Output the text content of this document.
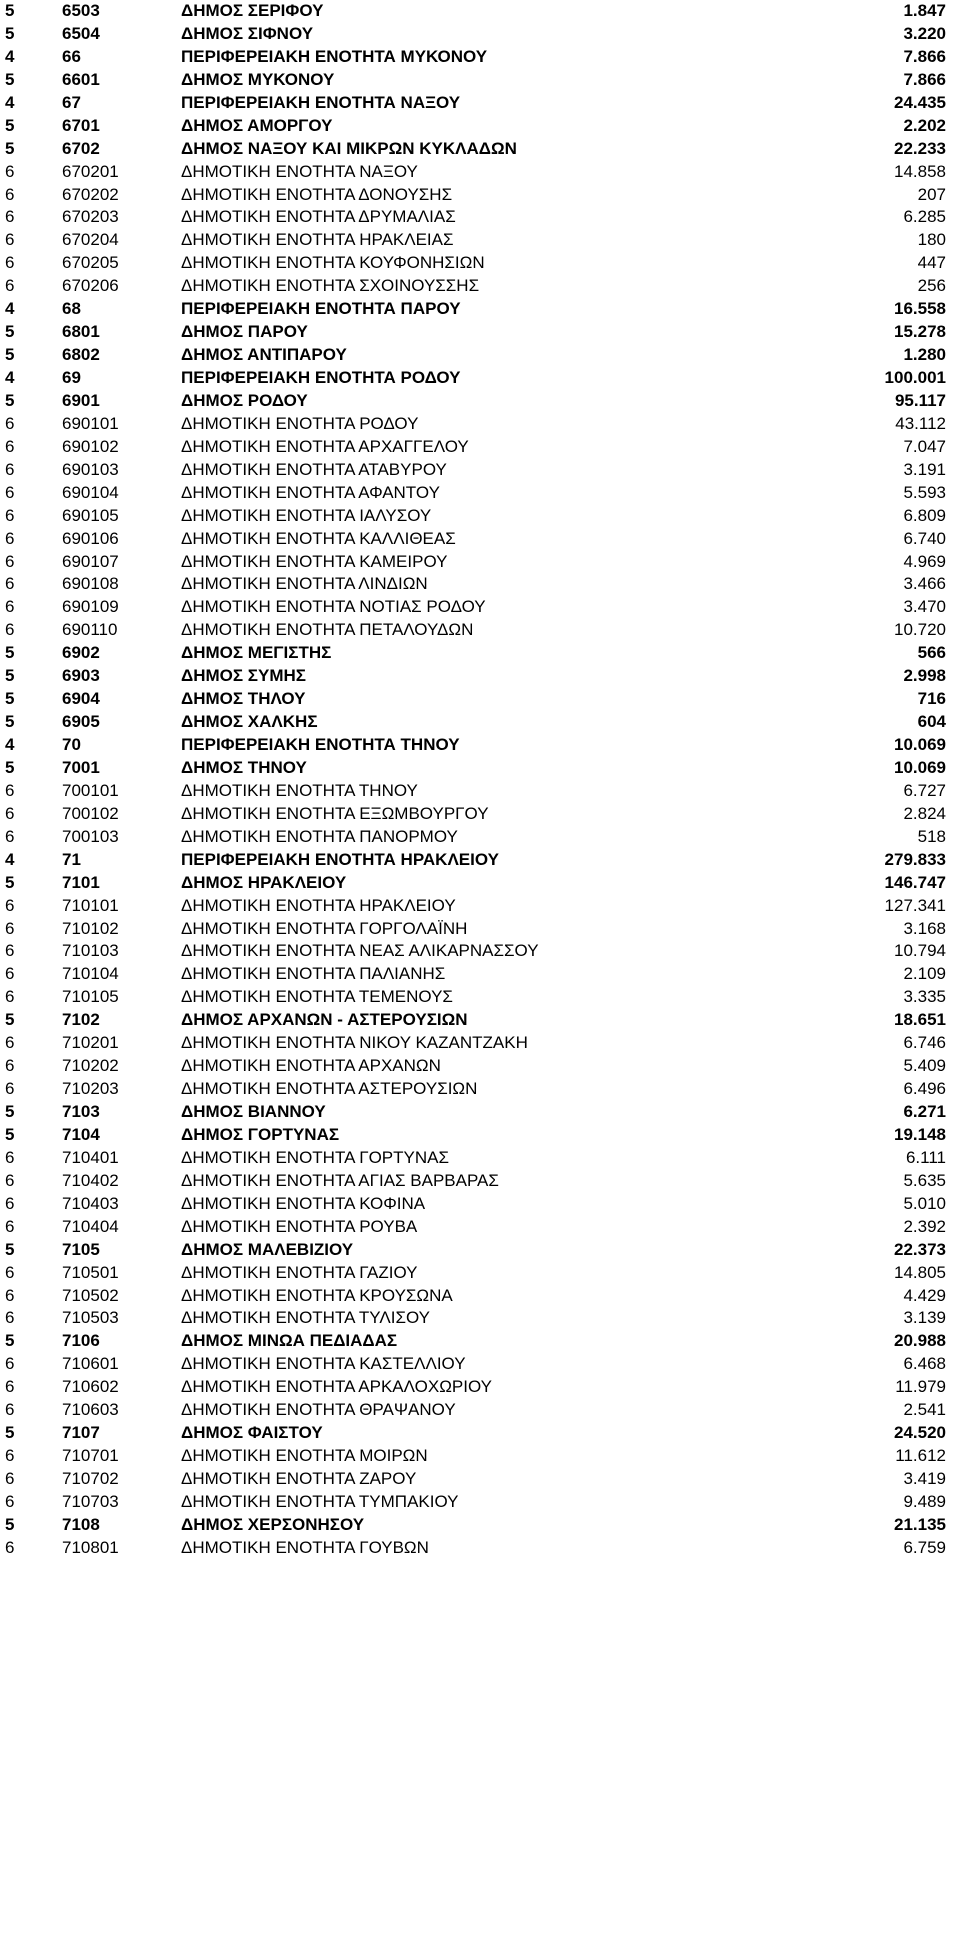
5	6503	ΔΗΜΟΣ ΣΕΡΙΦΟΥ	1.847
5	6504	ΔΗΜΟΣ ΣΙΦΝΟΥ	3.220
4	66	ΠΕΡΙΦΕΡΕΙΑΚΗ ΕΝΟΤΗΤΑ ΜΥΚΟΝΟΥ	7.866
5	6601	ΔΗΜΟΣ ΜΥΚΟΝΟΥ	7.866
4	67	ΠΕΡΙΦΕΡΕΙΑΚΗ ΕΝΟΤΗΤΑ ΝΑΞΟΥ	24.435
5	6701	ΔΗΜΟΣ ΑΜΟΡΓΟΥ	2.202
5	6702	ΔΗΜΟΣ ΝΑΞΟΥ ΚΑΙ ΜΙΚΡΩΝ ΚΥΚΛΑΔΩΝ	22.233
6	670201	ΔΗΜΟΤΙΚΗ ΕΝΟΤΗΤΑ ΝΑΞΟΥ	14.858
6	670202	ΔΗΜΟΤΙΚΗ ΕΝΟΤΗΤΑ ΔΟΝΟΥΣΗΣ	207
6	670203	ΔΗΜΟΤΙΚΗ ΕΝΟΤΗΤΑ ΔΡΥΜΑΛΙΑΣ	6.285
6	670204	ΔΗΜΟΤΙΚΗ ΕΝΟΤΗΤΑ ΗΡΑΚΛΕΙΑΣ	180
6	670205	ΔΗΜΟΤΙΚΗ ΕΝΟΤΗΤΑ ΚΟΥΦΟΝΗΣΙΩΝ	447
6	670206	ΔΗΜΟΤΙΚΗ ΕΝΟΤΗΤΑ ΣΧΟΙΝΟΥΣΣΗΣ	256
4	68	ΠΕΡΙΦΕΡΕΙΑΚΗ ΕΝΟΤΗΤΑ ΠΑΡΟΥ	16.558
5	6801	ΔΗΜΟΣ ΠΑΡΟΥ	15.278
5	6802	ΔΗΜΟΣ ΑΝΤΙΠΑΡΟΥ	1.280
4	69	ΠΕΡΙΦΕΡΕΙΑΚΗ ΕΝΟΤΗΤΑ ΡΟΔΟΥ	100.001
5	6901	ΔΗΜΟΣ ΡΟΔΟΥ	95.117
6	690101	ΔΗΜΟΤΙΚΗ ΕΝΟΤΗΤΑ ΡΟΔΟΥ	43.112
6	690102	ΔΗΜΟΤΙΚΗ ΕΝΟΤΗΤΑ ΑΡΧΑΓΓΕΛΟΥ	7.047
6	690103	ΔΗΜΟΤΙΚΗ ΕΝΟΤΗΤΑ ΑΤΑΒΥΡΟΥ	3.191
6	690104	ΔΗΜΟΤΙΚΗ ΕΝΟΤΗΤΑ ΑΦΑΝΤΟΥ	5.593
6	690105	ΔΗΜΟΤΙΚΗ ΕΝΟΤΗΤΑ ΙΑΛΥΣΟΥ	6.809
6	690106	ΔΗΜΟΤΙΚΗ ΕΝΟΤΗΤΑ ΚΑΛΛΙΘΕΑΣ	6.740
6	690107	ΔΗΜΟΤΙΚΗ ΕΝΟΤΗΤΑ ΚΑΜΕΙΡΟΥ	4.969
6	690108	ΔΗΜΟΤΙΚΗ ΕΝΟΤΗΤΑ ΛΙΝΔΙΩΝ	3.466
6	690109	ΔΗΜΟΤΙΚΗ ΕΝΟΤΗΤΑ ΝΟΤΙΑΣ ΡΟΔΟΥ	3.470
6	690110	ΔΗΜΟΤΙΚΗ ΕΝΟΤΗΤΑ ΠΕΤΑΛΟΥΔΩΝ	10.720
5	6902	ΔΗΜΟΣ ΜΕΓΙΣΤΗΣ	566
5	6903	ΔΗΜΟΣ ΣΥΜΗΣ	2.998
5	6904	ΔΗΜΟΣ ΤΗΛΟΥ	716
5	6905	ΔΗΜΟΣ ΧΑΛΚΗΣ	604
4	70	ΠΕΡΙΦΕΡΕΙΑΚΗ ΕΝΟΤΗΤΑ ΤΗΝΟΥ	10.069
5	7001	ΔΗΜΟΣ ΤΗΝΟΥ	10.069
6	700101	ΔΗΜΟΤΙΚΗ ΕΝΟΤΗΤΑ ΤΗΝΟΥ	6.727
6	700102	ΔΗΜΟΤΙΚΗ ΕΝΟΤΗΤΑ ΕΞΩΜΒΟΥΡΓΟΥ	2.824
6	700103	ΔΗΜΟΤΙΚΗ ΕΝΟΤΗΤΑ ΠΑΝΟΡΜΟΥ	518
4	71	ΠΕΡΙΦΕΡΕΙΑΚΗ ΕΝΟΤΗΤΑ ΗΡΑΚΛΕΙΟΥ	279.833
5	7101	ΔΗΜΟΣ ΗΡΑΚΛΕΙΟΥ	146.747
6	710101	ΔΗΜΟΤΙΚΗ ΕΝΟΤΗΤΑ ΗΡΑΚΛΕΙΟΥ	127.341
6	710102	ΔΗΜΟΤΙΚΗ ΕΝΟΤΗΤΑ ΓΟΡΓΟΛΑΪΝΗ	3.168
6	710103	ΔΗΜΟΤΙΚΗ ΕΝΟΤΗΤΑ ΝΕΑΣ ΑΛΙΚΑΡΝΑΣΣΟΥ	10.794
6	710104	ΔΗΜΟΤΙΚΗ ΕΝΟΤΗΤΑ ΠΑΛΙΑΝΗΣ	2.109
6	710105	ΔΗΜΟΤΙΚΗ ΕΝΟΤΗΤΑ ΤΕΜΕΝΟΥΣ	3.335
5	7102	ΔΗΜΟΣ ΑΡΧΑΝΩΝ - ΑΣΤΕΡΟΥΣΙΩΝ	18.651
6	710201	ΔΗΜΟΤΙΚΗ ΕΝΟΤΗΤΑ ΝΙΚΟΥ ΚΑΖΑΝΤΖΑΚΗ	6.746
6	710202	ΔΗΜΟΤΙΚΗ ΕΝΟΤΗΤΑ ΑΡΧΑΝΩΝ	5.409
6	710203	ΔΗΜΟΤΙΚΗ ΕΝΟΤΗΤΑ ΑΣΤΕΡΟΥΣΙΩΝ	6.496
5	7103	ΔΗΜΟΣ ΒΙΑΝΝΟΥ	6.271
5	7104	ΔΗΜΟΣ ΓΟΡΤΥΝΑΣ	19.148
6	710401	ΔΗΜΟΤΙΚΗ ΕΝΟΤΗΤΑ ΓΟΡΤΥΝΑΣ	6.111
6	710402	ΔΗΜΟΤΙΚΗ ΕΝΟΤΗΤΑ ΑΓΙΑΣ ΒΑΡΒΑΡΑΣ	5.635
6	710403	ΔΗΜΟΤΙΚΗ ΕΝΟΤΗΤΑ ΚΟΦΙΝΑ	5.010
6	710404	ΔΗΜΟΤΙΚΗ ΕΝΟΤΗΤΑ ΡΟΥΒΑ	2.392
5	7105	ΔΗΜΟΣ ΜΑΛΕΒΙΖΙΟΥ	22.373
6	710501	ΔΗΜΟΤΙΚΗ ΕΝΟΤΗΤΑ ΓΑΖΙΟΥ	14.805
6	710502	ΔΗΜΟΤΙΚΗ ΕΝΟΤΗΤΑ ΚΡΟΥΣΩΝΑ	4.429
6	710503	ΔΗΜΟΤΙΚΗ ΕΝΟΤΗΤΑ ΤΥΛΙΣΟΥ	3.139
5	7106	ΔΗΜΟΣ ΜΙΝΩΑ ΠΕΔΙΑΔΑΣ	20.988
6	710601	ΔΗΜΟΤΙΚΗ ΕΝΟΤΗΤΑ ΚΑΣΤΕΛΛΙΟΥ	6.468
6	710602	ΔΗΜΟΤΙΚΗ ΕΝΟΤΗΤΑ ΑΡΚΑΛΟΧΩΡΙΟΥ	11.979
6	710603	ΔΗΜΟΤΙΚΗ ΕΝΟΤΗΤΑ ΘΡΑΨΑΝΟΥ	2.541
5	7107	ΔΗΜΟΣ ΦΑΙΣΤΟΥ	24.520
6	710701	ΔΗΜΟΤΙΚΗ ΕΝΟΤΗΤΑ ΜΟΙΡΩΝ	11.612
6	710702	ΔΗΜΟΤΙΚΗ ΕΝΟΤΗΤΑ ΖΑΡΟΥ	3.419
6	710703	ΔΗΜΟΤΙΚΗ ΕΝΟΤΗΤΑ ΤΥΜΠΑΚΙΟΥ	9.489
5	7108	ΔΗΜΟΣ ΧΕΡΣΟΝΗΣΟΥ	21.135
6	710801	ΔΗΜΟΤΙΚΗ ΕΝΟΤΗΤΑ ΓΟΥΒΩΝ	6.759
